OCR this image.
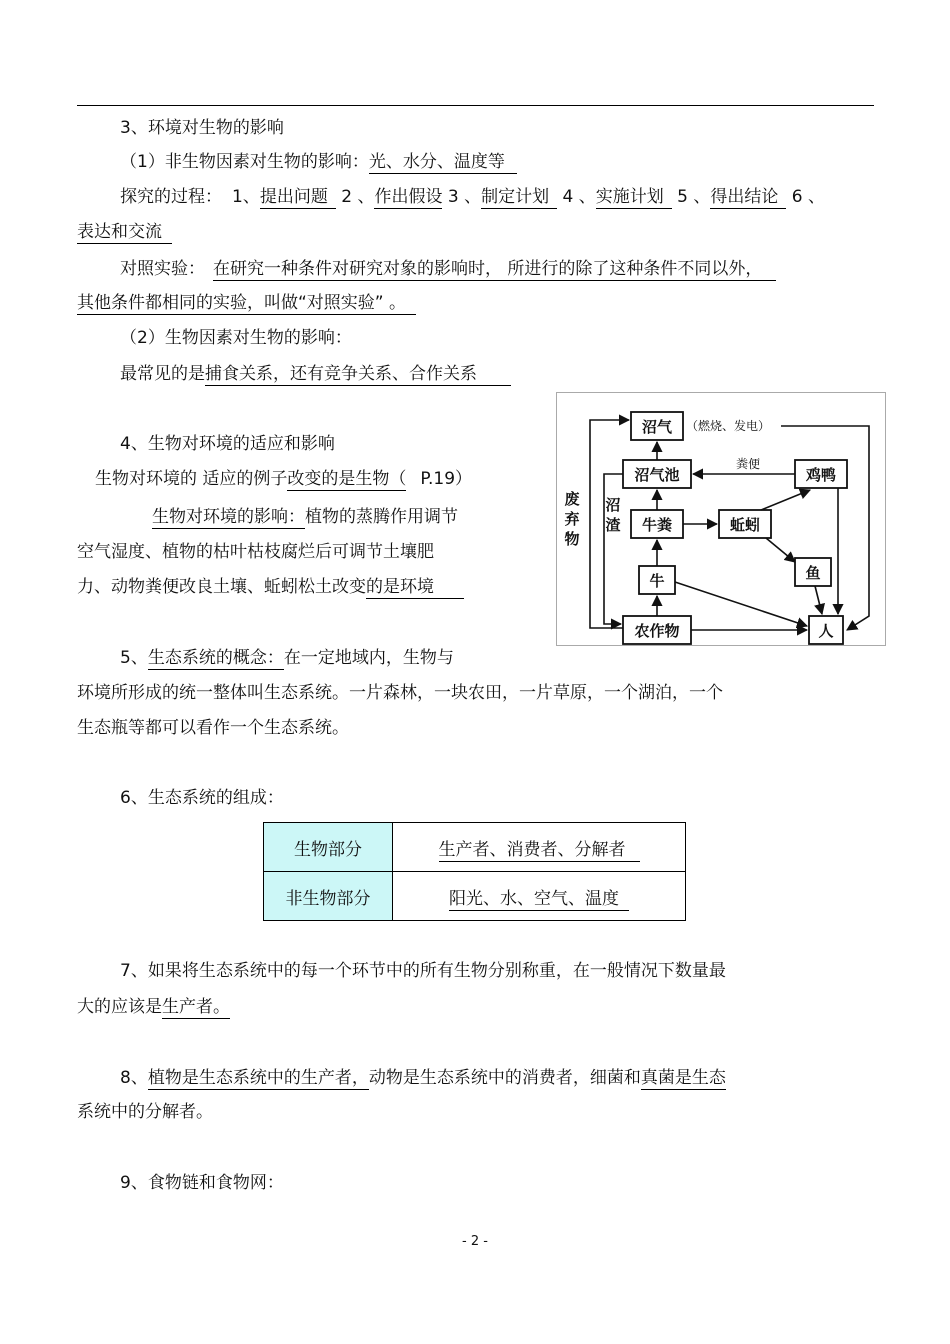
3、环境对生物的影响
（1）非生物因素对生物的影响：光、水分、温度等
探究的过程： 1、提出问题 2 、作出假设 3 、制定计划 4 、实施计划 5 、得出结论 6 、
表达和交流
对照实验： 在研究一种条件对研究对象的影响时， 所进行的除了这种条件不同以外，
其他条件都相同的实验，叫做“对照实验” 。
（2）生物因素对生物的影响：
最常见的是捕食关系，还有竞争关系、合作关系
4、生物对环境的适应和影响
生物对环境的 适应的例子改变的是生物（ P.19）
生物对环境的影响：植物的蒸腾作用调节
空气湿度、植物的枯叶枯枝腐烂后可调节土壤肥
力、动物粪便改良土壤、蚯蚓松土改变的是环境
沼气 （燃烧、发电）
沼气池
粪便
鸡鸭
牛粪	蚯蚓
鱼
牛
农作物	人
废
弃
物
沼
渣
5、生态系统的概念：在一定地域内，生物与
环境所形成的统一整体叫生态系统。一片森林，一块农田，一片草原，一个湖泊，一个
生态瓶等都可以看作一个生态系统。
6、生态系统的组成：
生物部分	生产者、消费者、分解者
非生物部分	阳光、水、空气、温度
7、如果将生态系统中的每一个环节中的所有生物分别称重，在一般情况下数量最
大的应该是生产者。
8、植物是生态系统中的生产者，动物是生态系统中的消费者，细菌和真菌是生态
系统中的分解者。
9、食物链和食物网：
- 2 -
